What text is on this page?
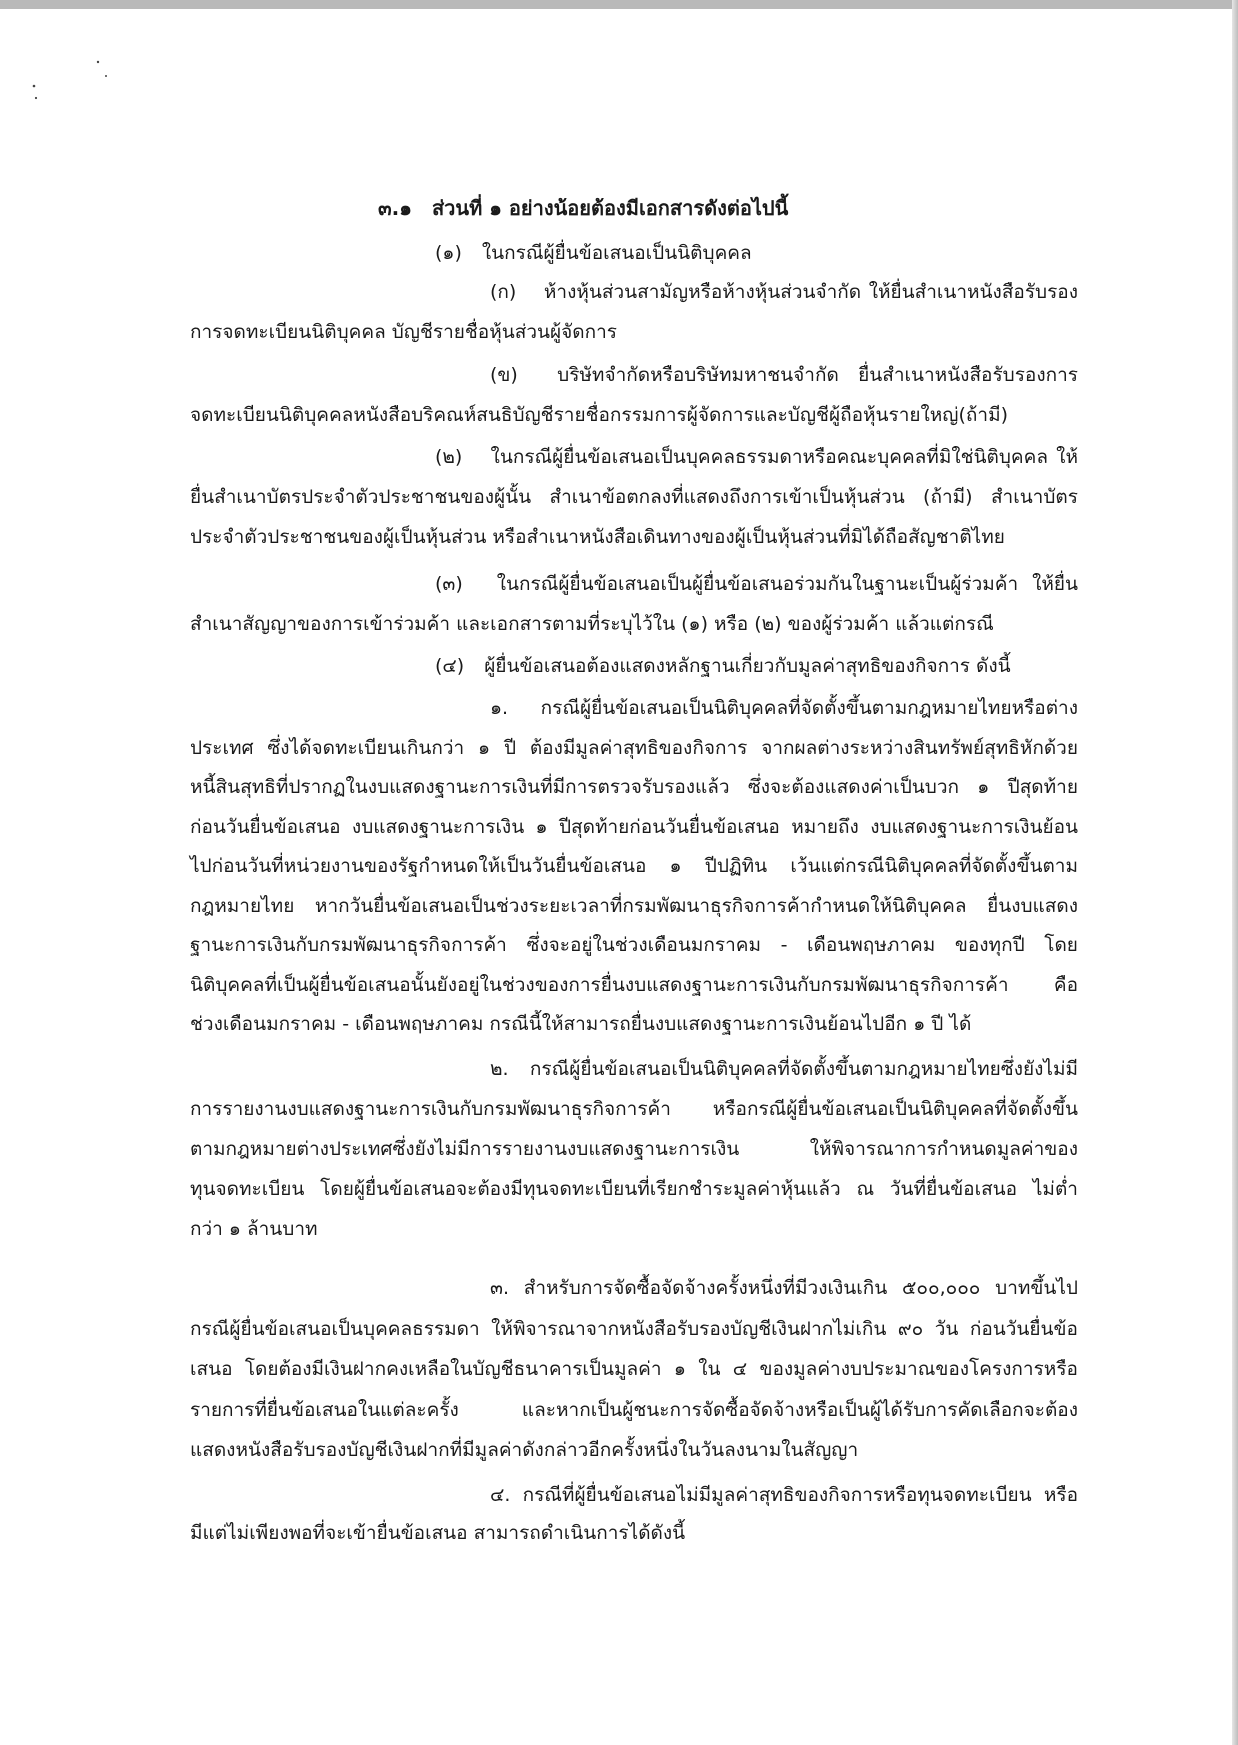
๓.๑ ส่วนที่ ๑ อย่างน้อยต้องมีเอกสารดังต่อไปนี้
(๑) ในกรณีผู้ยื่นข้อเสนอเป็นนิติบุคคล
(ก) ห้างหุ้นส่วนสามัญหรือห้างหุ้นส่วนจำกัด ให้ยื่นสำเนาหนังสือรับรอง
การจดทะเบียนนิติบุคคล บัญชีรายชื่อหุ้นส่วนผู้จัดการ
(ข) บริษัทจำกัดหรือบริษัทมหาชนจำกัด ยื่นสำเนาหนังสือรับรองการ
จดทะเบียนนิติบุคคลหนังสือบริคณห์สนธิบัญชีรายชื่อกรรมการผู้จัดการและบัญชีผู้ถือหุ้นรายใหญ่(ถ้ามี)
(๒) ในกรณีผู้ยื่นข้อเสนอเป็นบุคคลธรรมดาหรือคณะบุคคลที่มิใช่นิติบุคคล ให้
ยื่นสำเนาบัตรประจำตัวประชาชนของผู้นั้น สำเนาข้อตกลงที่แสดงถึงการเข้าเป็นหุ้นส่วน (ถ้ามี) สำเนาบัตร
ประจำตัวประชาชนของผู้เป็นหุ้นส่วน หรือสำเนาหนังสือเดินทางของผู้เป็นหุ้นส่วนที่มิได้ถือสัญชาติไทย
(๓) ในกรณีผู้ยื่นข้อเสนอเป็นผู้ยื่นข้อเสนอร่วมกันในฐานะเป็นผู้ร่วมค้า ให้ยื่น
สำเนาสัญญาของการเข้าร่วมค้า และเอกสารตามที่ระบุไว้ใน (๑) หรือ (๒) ของผู้ร่วมค้า แล้วแต่กรณี
(๔) ผู้ยื่นข้อเสนอต้องแสดงหลักฐานเกี่ยวกับมูลค่าสุทธิของกิจการ ดังนี้
๑. กรณีผู้ยื่นข้อเสนอเป็นนิติบุคคลที่จัดตั้งขึ้นตามกฎหมายไทยหรือต่าง
ประเทศ ซึ่งได้จดทะเบียนเกินกว่า ๑ ปี ต้องมีมูลค่าสุทธิของกิจการ จากผลต่างระหว่างสินทรัพย์สุทธิหักด้วย
หนี้สินสุทธิที่ปรากฏในงบแสดงฐานะการเงินที่มีการตรวจรับรองแล้ว ซึ่งจะต้องแสดงค่าเป็นบวก ๑ ปีสุดท้าย
ก่อนวันยื่นข้อเสนอ งบแสดงฐานะการเงิน ๑ ปีสุดท้ายก่อนวันยื่นข้อเสนอ หมายถึง งบแสดงฐานะการเงินย้อน
ไปก่อนวันที่หน่วยงานของรัฐกำหนดให้เป็นวันยื่นข้อเสนอ ๑ ปีปฏิทิน เว้นแต่กรณีนิติบุคคลที่จัดตั้งขึ้นตาม
กฎหมายไทย หากวันยื่นข้อเสนอเป็นช่วงระยะเวลาที่กรมพัฒนาธุรกิจการค้ากำหนดให้นิติบุคคล ยื่นงบแสดง
ฐานะการเงินกับกรมพัฒนาธุรกิจการค้า ซึ่งจะอยู่ในช่วงเดือนมกราคม - เดือนพฤษภาคม ของทุกปี โดย
นิติบุคคลที่เป็นผู้ยื่นข้อเสนอนั้นยังอยู่ในช่วงของการยื่นงบแสดงฐานะการเงินกับกรมพัฒนาธุรกิจการค้า คือ
ช่วงเดือนมกราคม - เดือนพฤษภาคม กรณีนี้ให้สามารถยื่นงบแสดงฐานะการเงินย้อนไปอีก ๑ ปี ได้
๒. กรณีผู้ยื่นข้อเสนอเป็นนิติบุคคลที่จัดตั้งขึ้นตามกฎหมายไทยซึ่งยังไม่มี
การรายงานงบแสดงฐานะการเงินกับกรมพัฒนาธุรกิจการค้า หรือกรณีผู้ยื่นข้อเสนอเป็นนิติบุคคลที่จัดตั้งขึ้น
ตามกฎหมายต่างประเทศซึ่งยังไม่มีการรายงานงบแสดงฐานะการเงิน	ให้พิจารณาการกำหนดมูลค่าของ
ทุนจดทะเบียน โดยผู้ยื่นข้อเสนอจะต้องมีทุนจดทะเบียนที่เรียกชำระมูลค่าหุ้นแล้ว ณ วันที่ยื่นข้อเสนอ ไม่ต่ำ
กว่า ๑ ล้านบาท
๓. สำหรับการจัดซื้อจัดจ้างครั้งหนึ่งที่มีวงเงินเกิน ๕๐๐,๐๐๐ บาทขึ้นไป
กรณีผู้ยื่นข้อเสนอเป็นบุคคลธรรมดา ให้พิจารณาจากหนังสือรับรองบัญชีเงินฝากไม่เกิน ๙๐ วัน ก่อนวันยื่นข้อ
เสนอ โดยต้องมีเงินฝากคงเหลือในบัญชีธนาคารเป็นมูลค่า ๑ ใน ๔ ของมูลค่างบประมาณของโครงการหรือ
รายการที่ยื่นข้อเสนอในแต่ละครั้ง	และหากเป็นผู้ชนะการจัดซื้อจัดจ้างหรือเป็นผู้ได้รับการคัดเลือกจะต้อง
แสดงหนังสือรับรองบัญชีเงินฝากที่มีมูลค่าดังกล่าวอีกครั้งหนึ่งในวันลงนามในสัญญา
๔. กรณีที่ผู้ยื่นข้อเสนอไม่มีมูลค่าสุทธิของกิจการหรือทุนจดทะเบียน หรือ
มีแต่ไม่เพียงพอที่จะเข้ายื่นข้อเสนอ สามารถดำเนินการได้ดังนี้
